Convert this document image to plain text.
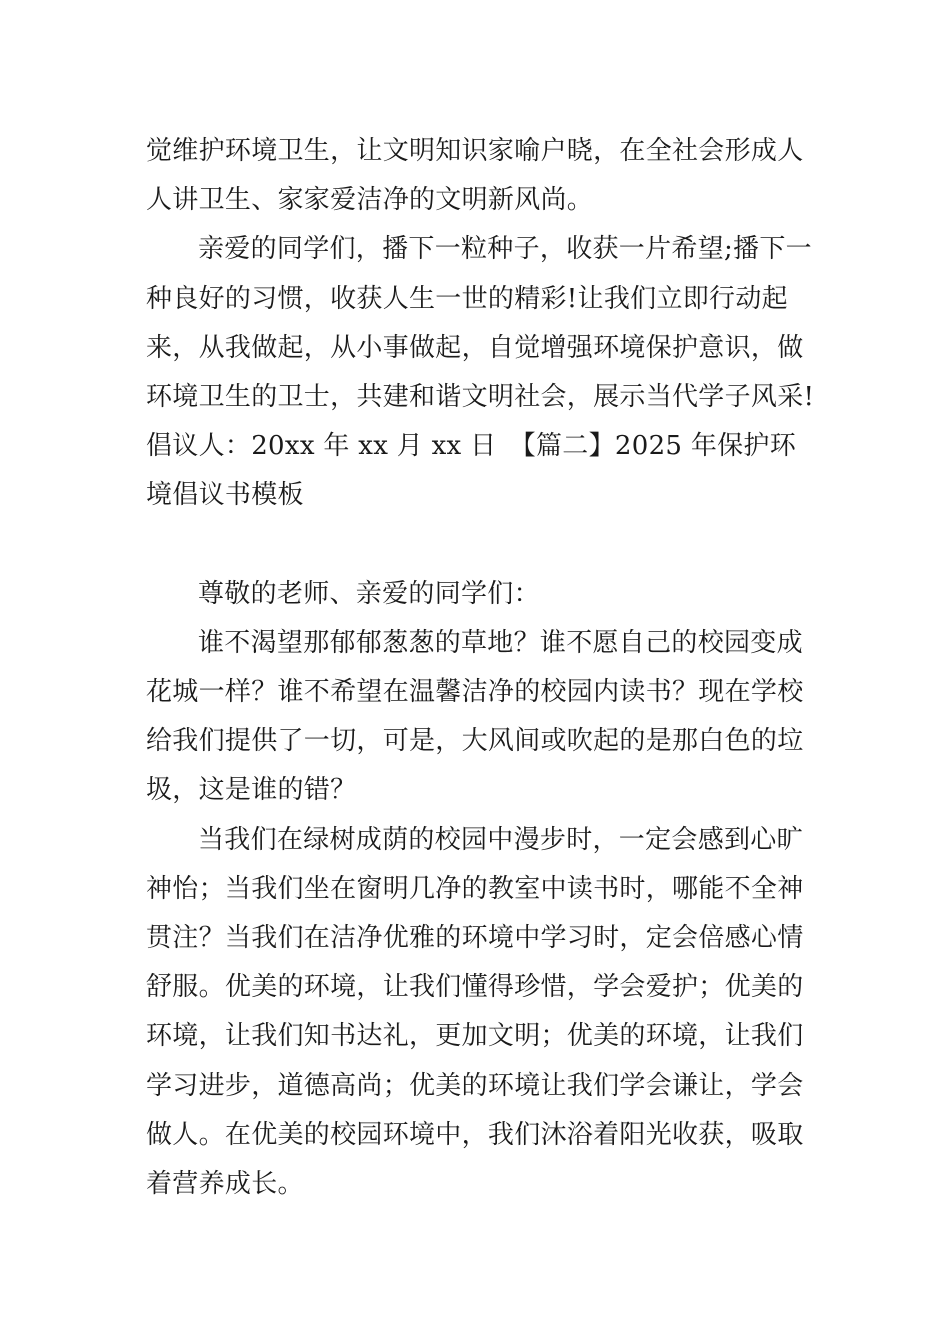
觉维护环境卫生，让文明知识家喻户晓，在全社会形成人人讲卫生、家家爱洁净的文明新风尚。

亲爱的同学们，播下一粒种子，收获一片希望;播下一种良好的习惯，收获人生一世的精彩!让我们立即行动起来，从我做起，从小事做起，自觉增强环境保护意识，做环境卫生的卫士，共建和谐文明社会，展示当代学子风采!倡议人：20xx 年 xx 月 xx 日　【篇二】2025 年保护环境倡议书模板

尊敬的老师、亲爱的同学们：

谁不渴望那郁郁葱葱的草地？谁不愿自己的校园变成花城一样？谁不希望在温馨洁净的校园内读书？现在学校给我们提供了一切，可是，大风间或吹起的是那白色的垃圾，这是谁的错？

当我们在绿树成荫的校园中漫步时，一定会感到心旷神怡；当我们坐在窗明几净的教室中读书时，哪能不全神贯注？当我们在洁净优雅的环境中学习时，定会倍感心情舒服。优美的环境，让我们懂得珍惜，学会爱护；优美的环境，让我们知书达礼，更加文明；优美的环境，让我们学习进步，道德高尚；优美的环境让我们学会谦让，学会做人。在优美的校园环境中，我们沐浴着阳光收获，吸取着营养成长。
